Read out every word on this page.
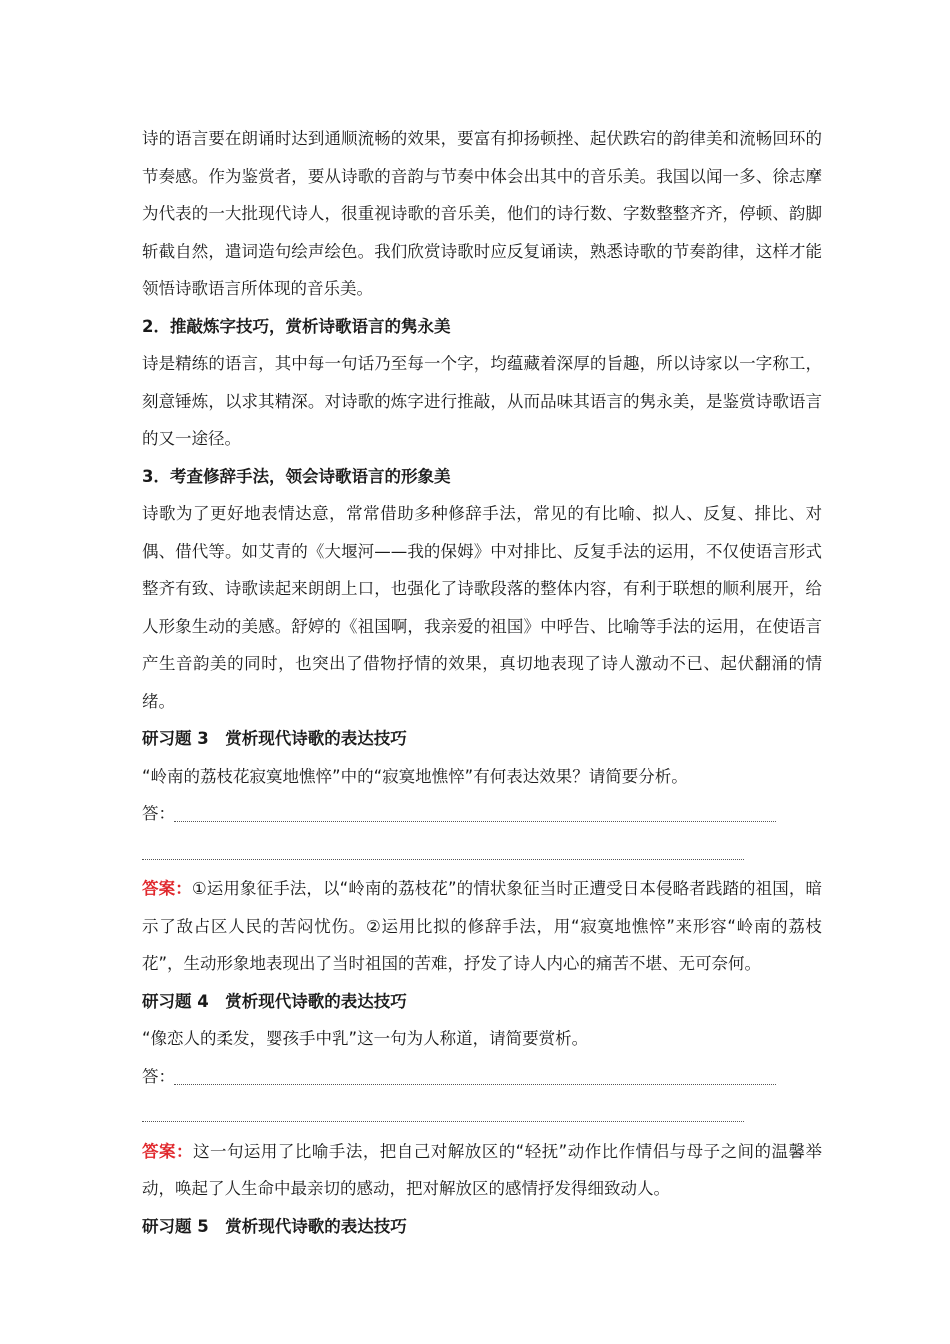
诗的语言要在朗诵时达到通顺流畅的效果，要富有抑扬顿挫、起伏跌宕的韵律美和流畅回环的节奏感。作为鉴赏者，要从诗歌的音韵与节奏中体会出其中的音乐美。我国以闻一多、徐志摩为代表的一大批现代诗人，很重视诗歌的音乐美，他们的诗行数、字数整整齐齐，停顿、韵脚斩截自然，遣词造句绘声绘色。我们欣赏诗歌时应反复诵读，熟悉诗歌的节奏韵律，这样才能领悟诗歌语言所体现的音乐美。

2．推敲炼字技巧，赏析诗歌语言的隽永美

诗是精练的语言，其中每一句话乃至每一个字，均蕴藏着深厚的旨趣，所以诗家以一字称工，刻意锤炼，以求其精深。对诗歌的炼字进行推敲，从而品味其语言的隽永美，是鉴赏诗歌语言的又一途径。

3．考查修辞手法，领会诗歌语言的形象美

诗歌为了更好地表情达意，常常借助多种修辞手法，常见的有比喻、拟人、反复、排比、对偶、借代等。如艾青的《大堰河——我的保姆》中对排比、反复手法的运用，不仅使语言形式整齐有致、诗歌读起来朗朗上口，也强化了诗歌段落的整体内容，有利于联想的顺利展开，给人形象生动的美感。舒婷的《祖国啊，我亲爱的祖国》中呼告、比喻等手法的运用，在使语言产生音韵美的同时，也突出了借物抒情的效果，真切地表现了诗人激动不已、起伏翻涌的情绪。

研习题 3　赏析现代诗歌的表达技巧

“岭南的荔枝花寂寞地憔悴”中的“寂寞地憔悴”有何表达效果？请简要分析。

答：

答案：①运用象征手法，以“岭南的荔枝花”的情状象征当时正遭受日本侵略者践踏的祖国，暗示了敌占区人民的苦闷忧伤。②运用比拟的修辞手法，用“寂寞地憔悴”来形容“岭南的荔枝花”，生动形象地表现出了当时祖国的苦难，抒发了诗人内心的痛苦不堪、无可奈何。

研习题 4　赏析现代诗歌的表达技巧

“像恋人的柔发，婴孩手中乳”这一句为人称道，请简要赏析。

答：

答案：这一句运用了比喻手法，把自己对解放区的“轻抚”动作比作情侣与母子之间的温馨举动，唤起了人生命中最亲切的感动，把对解放区的感情抒发得细致动人。

研习题 5　赏析现代诗歌的表达技巧
